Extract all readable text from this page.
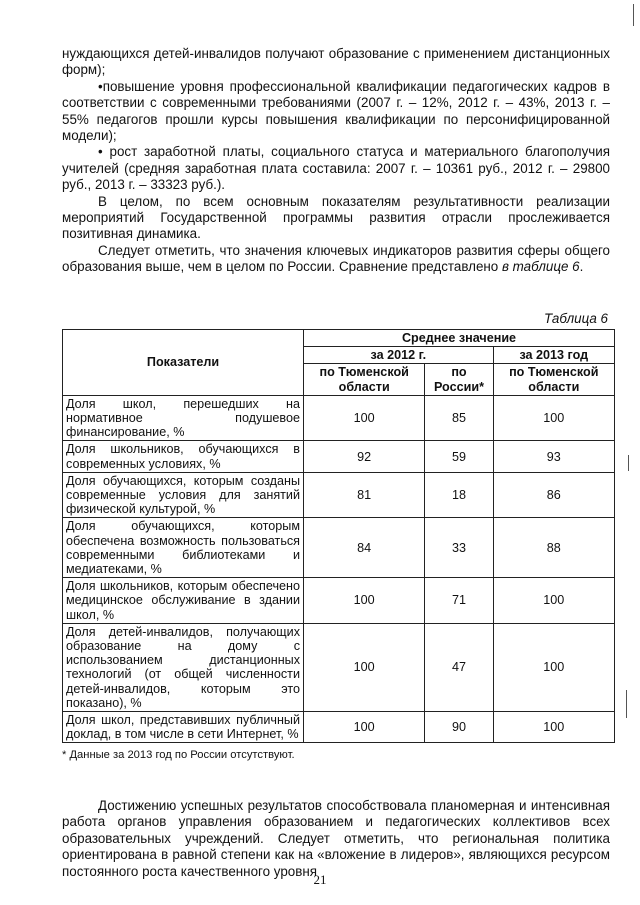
нуждающихся детей-инвалидов получают образование с применением дистанционных форм);

•повышение уровня профессиональной квалификации педагогических кадров в соответствии с современными требованиями (2007 г. – 12%, 2012 г. – 43%, 2013 г. – 55% педагогов прошли курсы повышения квалификации по персонифицированной модели);

• рост заработной платы, социального статуса и материального благополучия учителей (средняя заработная плата составила: 2007 г. – 10361 руб., 2012 г. – 29800 руб., 2013 г. – 33323 руб.).

В целом, по всем основным показателям результативности реализации мероприятий Государственной программы развития отрасли прослеживается позитивная динамика.

Следует отметить, что значения ключевых индикаторов развития сферы общего образования выше, чем в целом по России. Сравнение представлено в таблице 6.

Таблица 6
Показатели	Среднее значение		
	за 2012 г.		за 2013 год
	по Тюменской области	по России*	по Тюменской области
Доля школ, перешедших на нормативное подушевое финансирование, %	100	85	100
Доля школьников, обучающихся в современных условиях, %	92	59	93
Доля обучающихся, которым созданы современные условия для занятий физической культурой, %	81	18	86
Доля обучающихся, которым обеспечена возможность пользоваться современными библиотеками и медиатеками, %	84	33	88
Доля школьников, которым обеспечено медицинское обслуживание в здании школ, %	100	71	100
Доля детей-инвалидов, получающих образование на дому с использованием дистанционных технологий (от общей численности детей-инвалидов, которым это показано), %	100	47	100
Доля школ, представивших публичный доклад, в том числе в сети Интернет, %	100	90	100
* Данные за 2013 год по России отсутствуют.

Достижению успешных результатов способствовала планомерная и интенсивная работа органов управления образованием и педагогических коллективов всех образовательных учреждений. Следует отметить, что региональная политика ориентирована в равной степени как на «вложение в лидеров», являющихся ресурсом постоянного роста качественного уровня

21
